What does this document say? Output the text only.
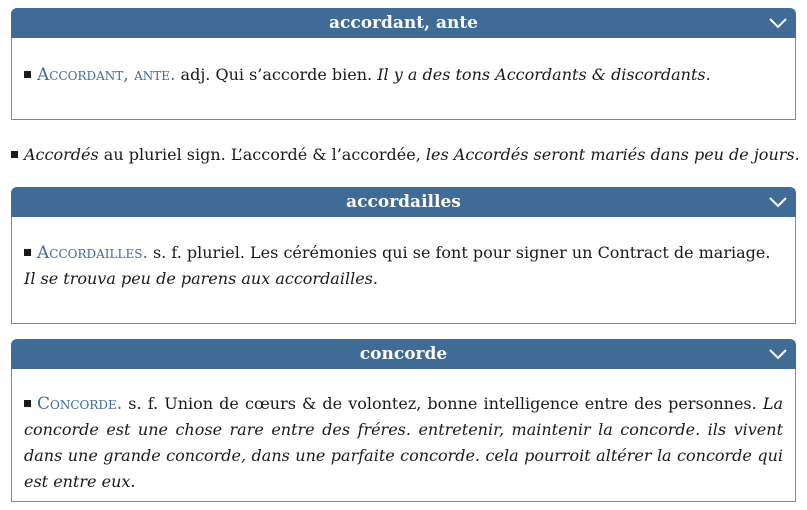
accordant, ante
Accordant, ante. adj. Qui s’accorde bien. Il y a des tons Accordants & discordants.
Accordés au pluriel sign. L’accordé & l’accordée, les Accordés seront mariés dans peu de jours.
accordailles
Accordailles. s. f. pluriel. Les cérémonies qui se font pour signer un Contract de mariage. Il se trouva peu de parens aux accordailles.
concorde
Concorde. s. f. Union de cœurs & de volontez, bonne intelligence entre des personnes. La concorde est une chose rare entre des fréres. entretenir, maintenir la concorde. ils vivent dans une grande concorde, dans une parfaite concorde. cela pourroit altérer la concorde qui est entre eux.
